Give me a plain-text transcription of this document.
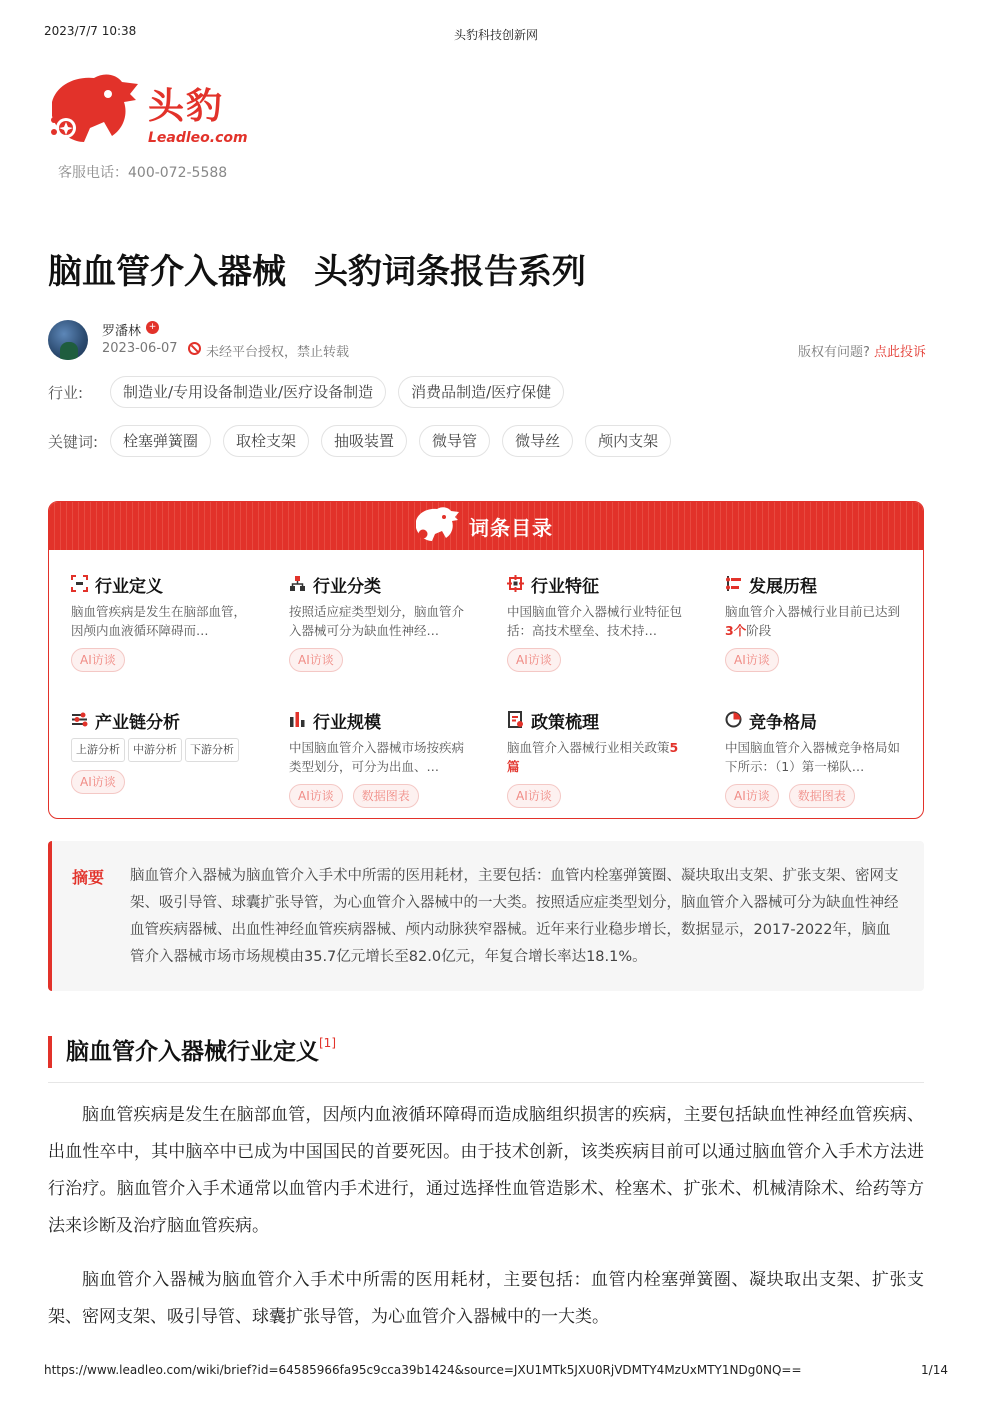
2023/7/7 10:38	头豹科技创新网
头豹
Leadleo.com
客服电话：400-072-5588
脑血管介入器械 头豹词条报告系列
罗潘林 +
2023-06-07 未经平台授权，禁止转载	版权有问题? 点此投诉
行业:	制造业/专用设备制造业/医疗设备制造	消费品制造/医疗保健
关键词:	栓塞弹簧圈	取栓支架	抽吸装置	微导管	微导丝	颅内支架
词条目录
行业定义
脑血管疾病是发生在脑部血管，因颅内血液循环障碍而…
AI访谈
行业分类
按照适应症类型划分，脑血管介入器械可分为缺血性神经…
AI访谈
行业特征
中国脑血管介入器械行业特征包括：高技术壁垒、技术持…
AI访谈
发展历程
脑血管介入器械行业目前已达到3个阶段
AI访谈
产业链分析
上游分析 中游分析 下游分析
AI访谈
行业规模
中国脑血管介入器械市场按疾病类型划分，可分为出血、…
AI访谈 数据图表
政策梳理
脑血管介入器械行业相关政策5篇
AI访谈
竞争格局
中国脑血管介入器械竞争格局如下所示：（1）第一梯队…
AI访谈 数据图表
摘要 脑血管介入器械为脑血管介入手术中所需的医用耗材，主要包括：血管内栓塞弹簧圈、凝块取出支架、扩张支架、密网支架、吸引导管、球囊扩张导管，为心血管介入器械中的一大类。按照适应症类型划分，脑血管介入器械可分为缺血性神经血管疾病器械、出血性神经血管疾病器械、颅内动脉狭窄器械。近年来行业稳步增长，数据显示，2017-2022年，脑血管介入器械市场市场规模由35.7亿元增长至82.0亿元，年复合增长率达18.1%。
脑血管介入器械行业定义[1]

脑血管疾病是发生在脑部血管，因颅内血液循环障碍而造成脑组织损害的疾病，主要包括缺血性神经血管疾病、出血性卒中，其中脑卒中已成为中国国民的首要死因。由于技术创新，该类疾病目前可以通过脑血管介入手术方法进行治疗。脑血管介入手术通常以血管内手术进行，通过选择性血管造影术、栓塞术、扩张术、机械清除术、给药等方法来诊断及治疗脑血管疾病。

脑血管介入器械为脑血管介入手术中所需的医用耗材，主要包括：血管内栓塞弹簧圈、凝块取出支架、扩张支架、密网支架、吸引导管、球囊扩张导管，为心血管介入器械中的一大类。

https://www.leadleo.com/wiki/brief?id=64585966fa95c9cca39b1424&source=JXU1MTk5JXU0RjVDMTY4MzUxMTY1NDg0NQ==	1/14
